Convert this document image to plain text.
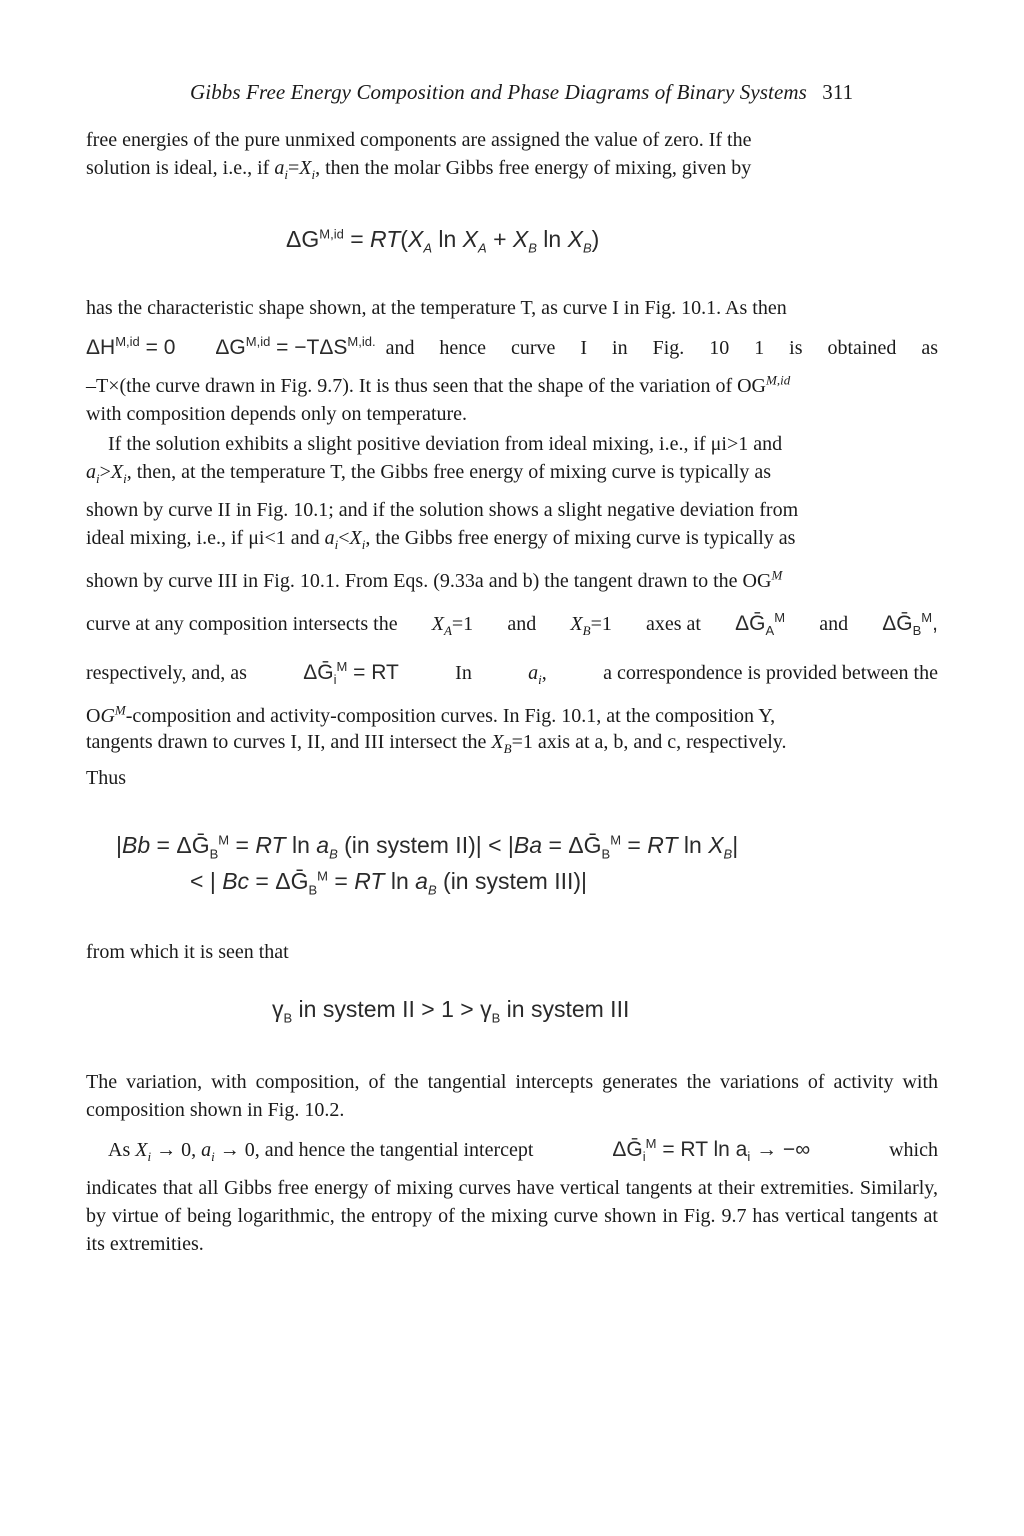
Gibbs Free Energy Composition and Phase Diagrams of Binary Systems 311
free energies of the pure unmixed components are assigned the value of zero. If the
solution is ideal, i.e., if $a_i=X_i$, then the molar Gibbs free energy of mixing, given by
$\Delta G^{M,id} = RT(X_A$ $\ln X_A + X_B$ $\ln X_B$)
has the characteristic shape shown, at the temperature T, as curve I in Fig. 10.1. As then
$\Delta H^{M,id} = 0$ $\Delta G^{M,id} = -T\Delta S^{M,id.}$ and hence curve I in Fig. 10 1 is obtained as
–T×(the curve drawn in Fig. 9.7). It is thus seen that the shape of the variation of $OG^{M,id}$
with composition depends only on temperature.
If the solution exhibits a slight positive deviation from ideal mixing, i.e., if μi>1 and
$a_i>X_i$, then, at the temperature T, the Gibbs free energy of mixing curve is typically as
shown by curve II in Fig. 10.1; and if the solution shows a slight negative deviation from
ideal mixing, i.e., if μi<1 and $a_i<X_i$, the Gibbs free energy of mixing curve is typically as
shown by curve III in Fig. 10.1. From Eqs. (9.33a and b) the tangent drawn to the $OG^M$
curve at any composition intersects the $X_A=1$ and $X_B=1$ axes at ΔḠ$_A^M$ and ΔḠ$_B^M$,
respectively, and, as	ΔḠ$_i^M$ = RT	In	$a_i$,	a correspondence is provided between the
$OG^M$-composition and activity-composition curves. In Fig. 10.1, at the composition Y,
tangents drawn to curves I, II, and III intersect the $X_B=1$ axis at a, b, and c, respectively.
Thus
|Bb = ΔḠ$_B^M$ = RT $\ln a_B$ (in system II)| < |Ba = ΔḠ$_B^M$ = RT $\ln X_B|$
< | Bc = ΔḠ$_B^M$ = RT $\ln a_B$ (in system III)|
from which it is seen that
$\gamma_B$ in system II > $1 > \gamma_B$ in system III
The variation, with composition, of the tangential intercepts generates the variations of activity with composition shown in Fig. 10.2.
As $X_i \to 0$, $a_i \to 0$, and hence the tangential intercept	ΔḠ$_i^M$ = RT $\ln a_i$ → −∞	which
indicates that all Gibbs free energy of mixing curves have vertical tangents at their extremities. Similarly, by virtue of being logarithmic, the entropy of the mixing curve shown in Fig. 9.7 has vertical tangents at its extremities.
